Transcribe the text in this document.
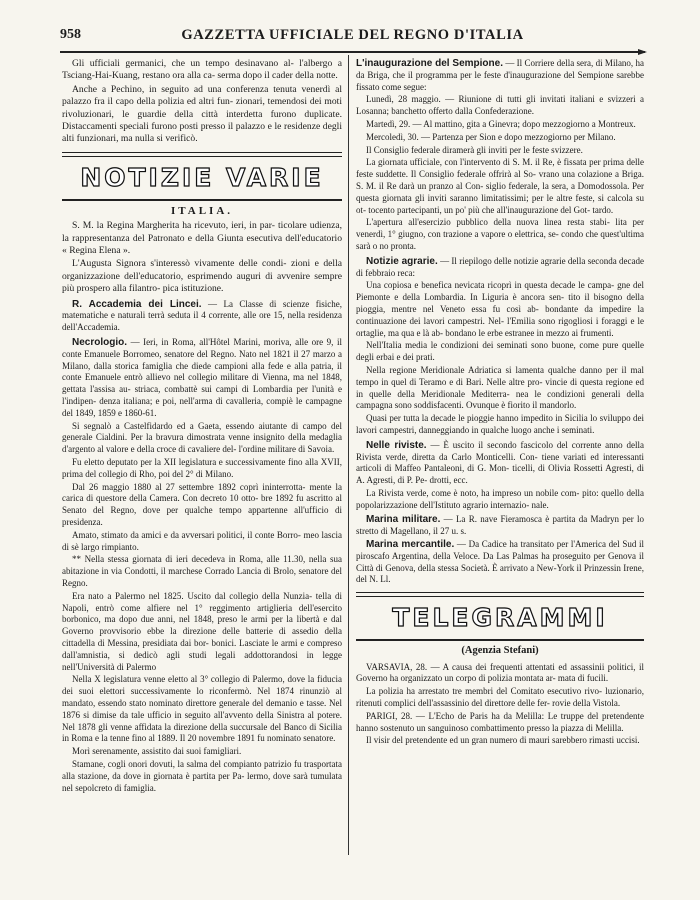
958	GAZZETTA UFFICIALE DEL REGNO D'ITALIA

Gli ufficiali germanici, che un tempo desinavano al- l'albergo a Tsciang-Hai-Kuang, restano ora alla ca- serma dopo il cader della notte.

Anche a Pechino, in seguito ad una conferenza tenuta venerdì al palazzo fra il capo della polizia ed altri fun- zionari, temendosi dei moti rivoluzionari, le guardie della città interdetta furono duplicate. Distaccamenti speciali furono posti presso il palazzo e le residenze degli alti funzionari, ma nulla si verificò.

NOTIZIE VARIE
ITALIA.

S. M. la Regina Margherita ha ricevuto, ieri, in par- ticolare udienza, la rappresentanza del Patronato e della Giunta esecutiva dell'educatorio « Regina Elena ».

L'Augusta Signora s'interessò vivamente delle condi- zioni e della organizzazione dell'educatorio, esprimendo auguri di avvenire sempre più prospero alla filantro- pica istituzione.

R. Accademia dei Lincei. — La Classe di scienze fisiche, matematiche e naturali terrà seduta il 4 corrente, alle ore 15, nella residenza dell'Accademia.

Necrologio. — Ieri, in Roma, all'Hôtel Marini, moriva, alle ore 9, il conte Emanuele Borromeo, senatore del Regno. Nato nel 1821 il 27 marzo a Milano, dalla storica famiglia che diede campioni alla fede e alla patria, il conte Emanuele entrò allievo nel collegio militare di Vienna, ma nel 1848, gettata l'assisa au- striaca, combattè sui campi di Lombardia per l'unità e l'indipen- denza italiana; e poi, nell'arma di cavalleria, compiè le campagne del 1849, 1859 e 1860-61.

Si segnalò a Castelfidardo ed a Gaeta, essendo aiutante di campo del generale Cialdini. Per la bravura dimostrata venne insignito della medaglia d'argento al valore e della croce di cavaliere del- l'ordine militare di Savoia.

Fu eletto deputato per la XII legislatura e successivamente fino alla XVII, prima del collegio di Rho, poi del 2° di Milano.

Dal 26 maggio 1880 al 27 settembre 1892 coprì ininterrotta- mente la carica di questore della Camera. Con decreto 10 otto- bre 1892 fu ascritto al Senato del Regno, dove per qualche tempo appartenne all'ufficio di presidenza.

Amato, stimato da amici e da avversari politici, il conte Borro- meo lascia di sè largo rimpianto.

** Nella stessa giornata di ieri decedeva in Roma, alle 11.30, nella sua abitazione in via Condotti, il marchese Corrado Lancia di Brolo, senatore del Regno.

Era nato a Palermo nel 1825. Uscito dal collegio della Nunzia- tella di Napoli, entrò come alfiere nel 1° reggimento artiglieria dell'esercito borbonico, ma dopo due anni, nel 1848, preso le armi per la libertà e dal Governo provvisorio ebbe la direzione delle batterie di assedio della cittadella di Messina, presidiata dai bor- bonici. Lasciate le armi e compreso dall'amnistia, si dedicò agli studi legali addottorandosi in legge nell'Università di Palermo

Nella X legislatura venne eletto al 3° collegio di Palermo, dove la fiducia dei suoi elettori successivamente lo riconfermò. Nel 1874 rinunziò al mandato, essendo stato nominato direttore generale del demanio e tasse. Nel 1876 si dimise da tale ufficio in seguito all'avvento della Sinistra al potere. Nel 1878 gli venne affidata la direzione della succursale del Banco di Sicilia in Roma e la tenne fino al 1889. Il 20 novembre 1891 fu nominato senatore.

Morì serenamente, assistito dai suoi famigliari.

Stamane, cogli onori dovuti, la salma del compianto patrizio fu trasportata alla stazione, da dove in giornata è partita per Pa- lermo, dove sarà tumulata nel sepolcreto di famiglia.

L'inaugurazione del Sempione. — Il Corriere della sera, di Milano, ha da Briga, che il programma per le feste d'inaugurazione del Sempione sarebbe fissato come segue:

Lunedì, 28 maggio. — Riunione di tutti gli invitati italiani e svizzeri a Losanna; banchetto offerto dalla Confederazione.

Martedì, 29. — Al mattino, gita a Ginevra; dopo mezzogiorno a Montreux.

Mercoledì, 30. — Partenza per Sion e dopo mezzogiorno per Milano.

Il Consiglio federale diramerà gli inviti per le feste svizzere.

La giornata ufficiale, con l'intervento di S. M. il Re, è fissata per prima delle feste suddette. Il Consiglio federale offrirà al So- vrano una colazione a Briga. S. M. il Re darà un pranzo al Con- siglio federale, la sera, a Domodossola. Per questa giornata gli inviti saranno limitatissimi; per le altre feste, si calcola su ot- tocento partecipanti, un po' più che all'inaugurazione del Got- tardo.

L'apertura all'esercizio pubblico della nuova linea resta stabi- lita per venerdì, 1° giugno, con trazione a vapore o elettrica, se- condo che quest'ultima sarà o no pronta.

Notizie agrarie. — Il riepilogo delle notizie agrarie della seconda decade di febbraio reca:

Una copiosa e benefica nevicata ricoprì in questa decade le campa- gne del Piemonte e della Lombardia. In Liguria è ancora sen- tito il bisogno della pioggia, mentre nel Veneto essa fu così ab- bondante da impedire la continuazione dei lavori campestri. Nel- l'Emilia sono rigogliosi i foraggi e le ortaglie, ma qua e là ab- bondano le erbe estranee in mezzo ai frumenti.

Nell'Italia media le condizioni dei seminati sono buone, come pure quelle degli erbai e dei prati.

Nella regione Meridionale Adriatica si lamenta qualche danno per il mal tempo in quel di Teramo e di Bari. Nelle altre pro- vincie di questa regione ed in quelle della Meridionale Mediterra- nea le condizioni generali della campagna sono soddisfacenti. Ovunque è fiorito il mandorlo.

Quasi per tutta la decade le pioggie hanno impedito in Sicilia lo sviluppo dei lavori campestri, danneggiando in qualche luogo anche i seminati.

Nelle riviste. — È uscito il secondo fascicolo del corrente anno della Rivista verde, diretta da Carlo Monticelli. Con- tiene variati ed interessanti articoli di Maffeo Pantaleoni, di G. Mon- ticelli, di Olivia Rossetti Agresti, di A. Agresti, di P. Pe- drotti, ecc.

La Rivista verde, come è noto, ha impreso un nobile com- pito: quello della popolarizzazione dell'Istituto agrario internazio- nale.

Marina militare. — La R. nave Fieramosca è partita da Madryn per lo stretto di Magellano, il 27 u. s.

Marina mercantile. — Da Cadice ha transitato per l'America del Sud il piroscafo Argentina, della Veloce. Da Las Palmas ha proseguito per Genova il Città di Genova, della stessa Società. È arrivato a New-York il Prinzessin Irene, del N. Ll.

TELEGRAMMI
(Agenzia Stefani)

VARSAVIA, 28. — A causa dei frequenti attentati ed assassinii politici, il Governo ha organizzato un corpo di polizia montata ar- mata di fucili.

La polizia ha arrestato tre membri del Comitato esecutivo rivo- luzionario, ritenuti complici dell'assassinio del direttore delle fer- rovie della Vistola.

PARIGI, 28. — L'Echo de Paris ha da Melilla: Le truppe del pretendente hanno sostenuto un sanguinoso combattimento presso la piazza di Melilla.

Il visir del pretendente ed un gran numero di mauri sarebbero rimasti uccisi.
